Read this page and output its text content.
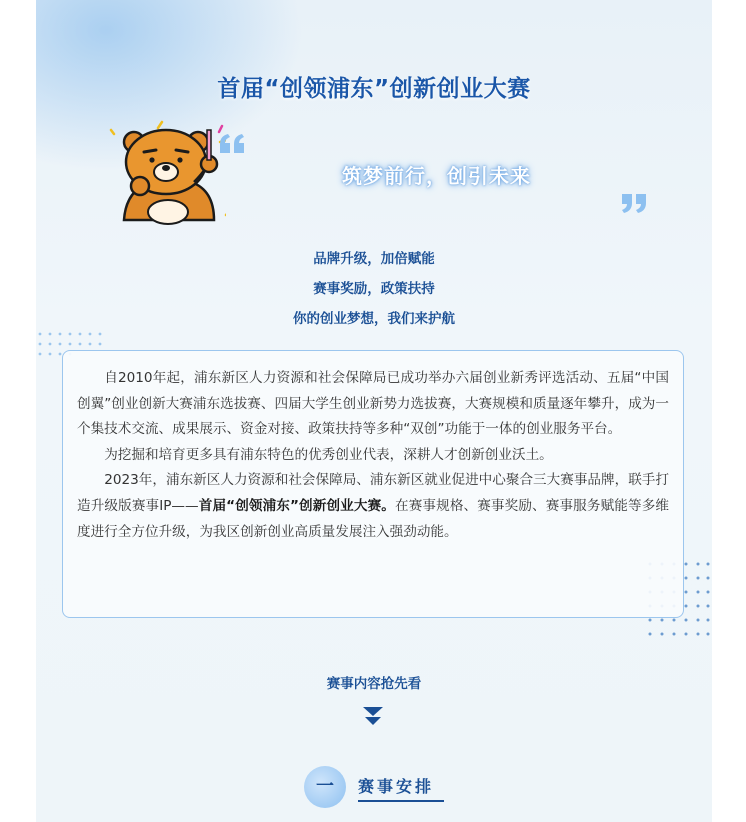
首届“创领浦东”创新创业大赛
筑梦前行，创引未来
品牌升级，加倍赋能
赛事奖励，政策扶持
你的创业梦想，我们来护航

自2010年起，浦东新区人力资源和社会保障局已成功举办六届创业新秀评选活动、五届“中国创翼”创业创新大赛浦东选拔赛、四届大学生创业新势力选拔赛，大赛规模和质量逐年攀升，成为一个集技术交流、成果展示、资金对接、政策扶持等多种“双创”功能于一体的创业服务平台。

为挖掘和培育更多具有浦东特色的优秀创业代表，深耕人才创新创业沃土。

2023年，浦东新区人力资源和社会保障局、浦东新区就业促进中心聚合三大赛事品牌，联手打造升级版赛事IP——首届“创领浦东”创新创业大赛。在赛事规格、赛事奖励、赛事服务赋能等多维度进行全方位升级，为我区创新创业高质量发展注入强劲动能。

赛事内容抢先看
一	赛事安排
